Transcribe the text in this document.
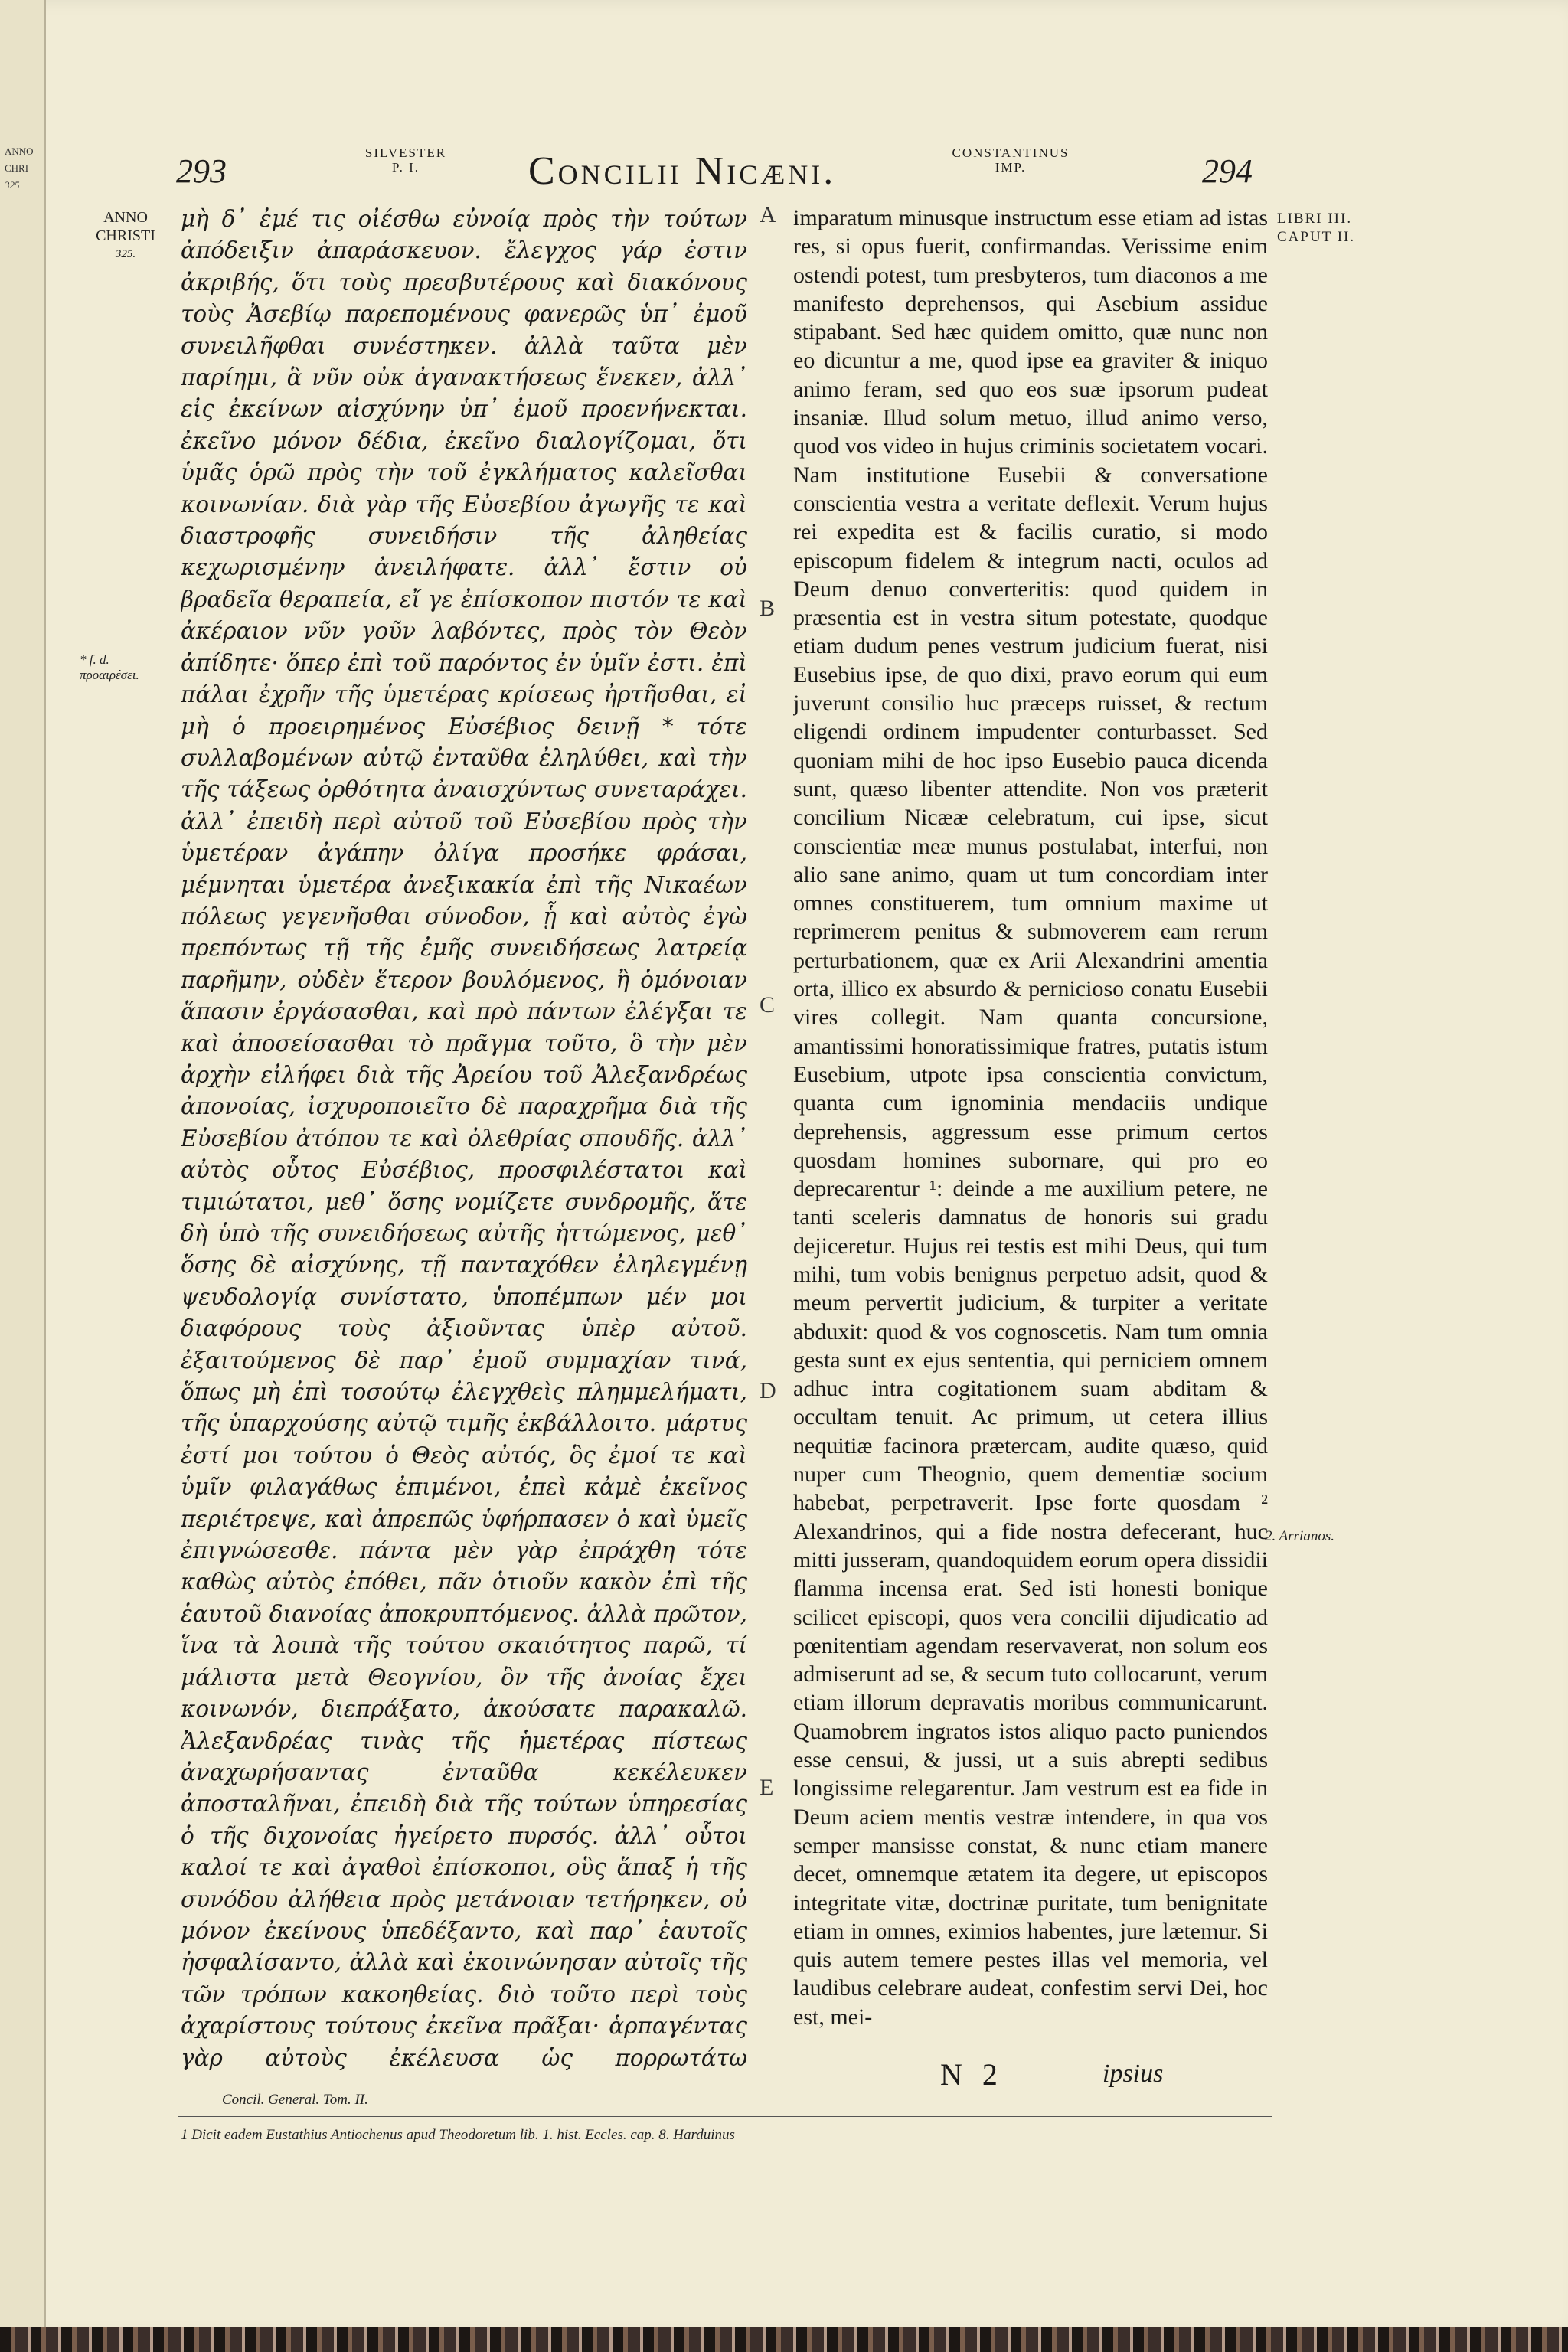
ANNO
CHRI
325	293	SILVESTER
P. I.	Concilii Nicæni.	CONSTANTINUS
IMP.	294
ANNO
CHRISTI
325.
* f. d. προαιρέσει.
LIBRI III.
CAPUT II.
2. Arrianos.

μὴ δ᾽ ἐμέ τις οἰέσθω εὐνοίᾳ πρὸς τὴν τούτων ἀπόδειξιν ἀπαράσκευον. ἔλεγχος γάρ ἐστιν ἀκριβής, ὅτι τοὺς πρεσβυτέρους καὶ διακόνους τοὺς Ἀσεβίῳ παρεπομένους φανερῶς ὑπ᾽ ἐμοῦ συνειλῆφθαι συνέστηκεν. ἀλλὰ ταῦτα μὲν παρίημι, ἃ νῦν οὐκ ἀγανακτήσεως ἕνεκεν, ἀλλ᾽ εἰς ἐκείνων αἰσχύνην ὑπ᾽ ἐμοῦ προενήνεκται. ἐκεῖνο μόνον δέδια, ἐκεῖνο διαλογίζομαι, ὅτι ὑμᾶς ὁρῶ πρὸς τὴν τοῦ ἐγκλήματος καλεῖσθαι κοινωνίαν. διὰ γὰρ τῆς Εὐσεβίου ἀγωγῆς τε καὶ διαστροφῆς συνειδήσιν τῆς ἀληθείας κεχωρισμένην ἀνειλήφατε. ἀλλ᾽ ἔστιν οὐ βραδεῖα θεραπεία, εἴ γε ἐπίσκοπον πιστόν τε καὶ ἀκέραιον νῦν γοῦν λαβόντες, πρὸς τὸν Θεὸν ἀπίδητε· ὅπερ ἐπὶ τοῦ παρόντος ἐν ὑμῖν ἐστι. ἐπὶ πάλαι ἐχρῆν τῆς ὑμετέρας κρίσεως ἠρτῆσθαι, εἰ μὴ ὁ προειρημένος Εὐσέβιος δεινῇ * τότε συλλαβομένων αὐτῷ ἐνταῦθα ἐληλύθει, καὶ τὴν τῆς τάξεως ὀρθότητα ἀναισχύντως συνεταράχει. ἀλλ᾽ ἐπειδὴ περὶ αὐτοῦ τοῦ Εὐσεβίου πρὸς τὴν ὑμετέραν ἀγάπην ὀλίγα προσήκε φράσαι, μέμνηται ὑμετέρα ἀνεξικακία ἐπὶ τῆς Νικαέων πόλεως γεγενῆσθαι σύνοδον, ᾗ καὶ αὐτὸς ἐγὼ πρεπόντως τῇ τῆς ἐμῆς συνειδήσεως λατρείᾳ παρῆμην, οὐδὲν ἕτερον βουλόμενος, ἢ ὁμόνοιαν ἅπασιν ἐργάσασθαι, καὶ πρὸ πάντων ἐλέγξαι τε καὶ ἀποσείσασθαι τὸ πρᾶγμα τοῦτο, ὃ τὴν μὲν ἀρχὴν εἰλήφει διὰ τῆς Ἀρείου τοῦ Ἀλεξανδρέως ἀπονοίας, ἰσχυροποιεῖτο δὲ παραχρῆμα διὰ τῆς Εὐσεβίου ἀτόπου τε καὶ ὀλεθρίας σπουδῆς. ἀλλ᾽ αὐτὸς οὗτος Εὐσέβιος, προσφιλέστατοι καὶ τιμιώτατοι, μεθ᾽ ὅσης νομίζετε συνδρομῆς, ἅτε δὴ ὑπὸ τῆς συνειδήσεως αὐτῆς ἡττώμενος, μεθ᾽ ὅσης δὲ αἰσχύνης, τῇ πανταχόθεν ἐληλεγμένῃ ψευδολογίᾳ συνίστατο, ὑποπέμπων μέν μοι διαφόρους τοὺς ἀξιοῦντας ὑπὲρ αὐτοῦ. ἐξαιτούμενος δὲ παρ᾽ ἐμοῦ συμμαχίαν τινά, ὅπως μὴ ἐπὶ τοσούτῳ ἐλεγχθεὶς πλημμελήματι, τῆς ὑπαρχούσης αὐτῷ τιμῆς ἐκβάλλοιτο. μάρτυς ἐστί μοι τούτου ὁ Θεὸς αὐτός, ὃς ἐμοί τε καὶ ὑμῖν φιλαγάθως ἐπιμένοι, ἐπεὶ κἀμὲ ἐκεῖνος περιέτρεψε, καὶ ἀπρεπῶς ὑφήρπασεν ὁ καὶ ὑμεῖς ἐπιγνώσεσθε. πάντα μὲν γὰρ ἐπράχθη τότε καθὼς αὐτὸς ἐπόθει, πᾶν ὁτιοῦν κακὸν ἐπὶ τῆς ἑαυτοῦ διανοίας ἀποκρυπτόμενος. ἀλλὰ πρῶτον, ἵνα τὰ λοιπὰ τῆς τούτου σκαιότητος παρῶ, τί μάλιστα μετὰ Θεογνίου, ὃν τῆς ἀνοίας ἔχει κοινωνόν, διεπράξατο, ἀκούσατε παρακαλῶ. Ἀλεξανδρέας τινὰς τῆς ἡμετέρας πίστεως ἀναχωρήσαντας ἐνταῦθα κεκέλευκεν ἀποσταλῆναι, ἐπειδὴ διὰ τῆς τούτων ὑπηρεσίας ὁ τῆς διχονοίας ἡγείρετο πυρσός. ἀλλ᾽ οὗτοι καλοί τε καὶ ἀγαθοὶ ἐπίσκοποι, οὓς ἅπαξ ἡ τῆς συνόδου ἀλήθεια πρὸς μετάνοιαν τετήρηκεν, οὐ μόνον ἐκείνους ὑπεδέξαντο, καὶ παρ᾽ ἑαυτοῖς ἠσφαλίσαντο, ἀλλὰ καὶ ἐκοινώνησαν αὐτοῖς τῆς τῶν τρόπων κακοηθείας. διὸ τοῦτο περὶ τοὺς ἀχαρίστους τούτους ἐκεῖνα πρᾶξαι· ἁρπαγέντας γὰρ αὐτοὺς ἐκέλευσα ὡς πορρωτάτω

A
B
C
D
E

imparatum minusque instructum esse etiam ad istas res, si opus fuerit, confirmandas. Verissime enim ostendi potest, tum presbyteros, tum diaconos a me manifesto deprehensos, qui Asebium assidue stipabant. Sed hæc quidem omitto, quæ nunc non eo dicuntur a me, quod ipse ea graviter & iniquo animo feram, sed quo eos suæ ipsorum pudeat insaniæ. Illud solum metuo, illud animo verso, quod vos video in hujus criminis societatem vocari. Nam institutione Eusebii & conversatione conscientia vestra a veritate deflexit. Verum hujus rei expedita est & facilis curatio, si modo episcopum fidelem & integrum nacti, oculos ad Deum denuo converteritis: quod quidem in præsentia est in vestra situm potestate, quodque etiam dudum penes vestrum judicium fuerat, nisi Eusebius ipse, de quo dixi, pravo eorum qui eum juverunt consilio huc præceps ruisset, & rectum eligendi ordinem impudenter conturbasset. Sed quoniam mihi de hoc ipso Eusebio pauca dicenda sunt, quæso libenter attendite. Non vos præterit concilium Nicææ celebratum, cui ipse, sicut conscientiæ meæ munus postulabat, interfui, non alio sane animo, quam ut tum concordiam inter omnes constituerem, tum omnium maxime ut reprimerem penitus & submoverem eam rerum perturbationem, quæ ex Arii Alexandrini amentia orta, illico ex absurdo & pernicioso conatu Eusebii vires collegit. Nam quanta concursione, amantissimi honoratissimique fratres, putatis istum Eusebium, utpote ipsa conscientia convictum, quanta cum ignominia mendaciis undique deprehensis, aggressum esse primum certos quosdam homines subornare, qui pro eo deprecarentur ¹: deinde a me auxilium petere, ne tanti sceleris damnatus de honoris sui gradu dejiceretur. Hujus rei testis est mihi Deus, qui tum mihi, tum vobis benignus perpetuo adsit, quod & meum pervertit judicium, & turpiter a veritate abduxit: quod & vos cognoscetis. Nam tum omnia gesta sunt ex ejus sententia, qui perniciem omnem adhuc intra cogitationem suam abditam & occultam tenuit. Ac primum, ut cetera illius nequitiæ facinora prætercam, audite quæso, quid nuper cum Theognio, quem dementiæ socium habebat, perpetraverit. Ipse forte quosdam ² Alexandrinos, qui a fide nostra defecerant, huc mitti jusseram, quandoquidem eorum opera dissidii flamma incensa erat. Sed isti honesti bonique scilicet episcopi, quos vera concilii dijudicatio ad pœnitentiam agendam reservaverat, non solum eos admiserunt ad se, & secum tuto collocarunt, verum etiam illorum depravatis moribus communicarunt. Quamobrem ingratos istos aliquo pacto puniendos esse censui, & jussi, ut a suis abrepti sedibus longissime relegarentur. Jam vestrum est ea fide in Deum aciem mentis vestræ intendere, in qua vos semper mansisse constat, & nunc etiam manere decet, omnemque ætatem ita degere, ut episcopos integritate vitæ, doctrinæ puritate, tum benignitate etiam in omnes, eximios habentes, jure lætemur. Si quis autem temere pestes illas vel memoria, vel laudibus celebrare audeat, confestim servi Dei, hoc est, mei-

N 2	ipsius
Concil. General. Tom. II.
1 Dicit eadem Eustathius Antiochenus apud Theodoretum lib. 1. hist. Eccles. cap. 8. Harduinus
